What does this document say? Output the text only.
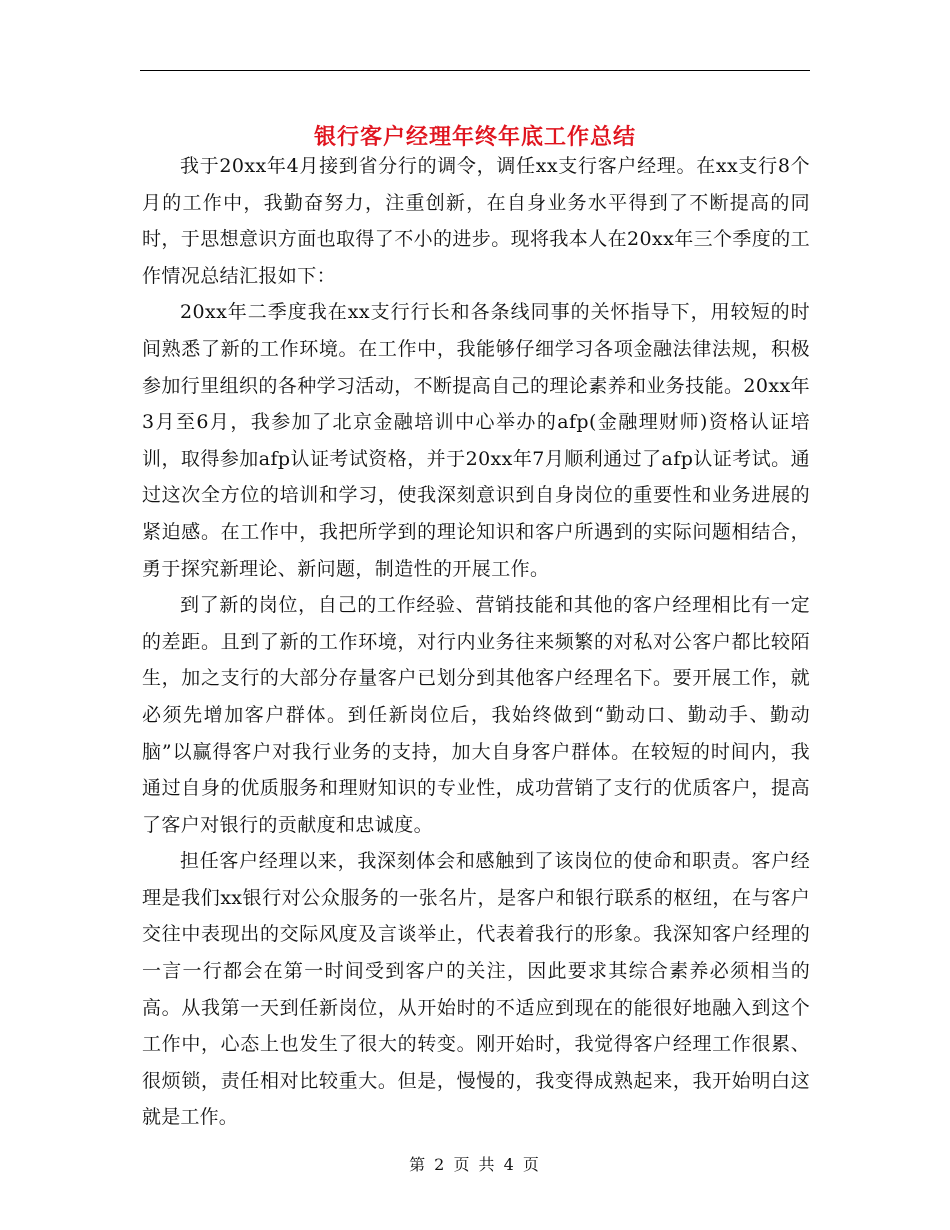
银行客户经理年终年底工作总结

我于20xx年4月接到省分行的调令，调任xx支行客户经理。在xx支行8个月的工作中，我勤奋努力，注重创新，在自身业务水平得到了不断提高的同时，于思想意识方面也取得了不小的进步。现将我本人在20xx年三个季度的工作情况总结汇报如下：

20xx年二季度我在xx支行行长和各条线同事的关怀指导下，用较短的时间熟悉了新的工作环境。在工作中，我能够仔细学习各项金融法律法规，积极参加行里组织的各种学习活动，不断提高自己的理论素养和业务技能。20xx年3月至6月，我参加了北京金融培训中心举办的afp(金融理财师)资格认证培训，取得参加afp认证考试资格，并于20xx年7月顺利通过了afp认证考试。通过这次全方位的培训和学习，使我深刻意识到自身岗位的重要性和业务进展的紧迫感。在工作中，我把所学到的理论知识和客户所遇到的实际问题相结合，勇于探究新理论、新问题，制造性的开展工作。

到了新的岗位，自己的工作经验、营销技能和其他的客户经理相比有一定的差距。且到了新的工作环境，对行内业务往来频繁的对私对公客户都比较陌生，加之支行的大部分存量客户已划分到其他客户经理名下。要开展工作，就必须先增加客户群体。到任新岗位后，我始终做到“勤动口、勤动手、勤动脑”以赢得客户对我行业务的支持，加大自身客户群体。在较短的时间内，我通过自身的优质服务和理财知识的专业性，成功营销了支行的优质客户，提高了客户对银行的贡献度和忠诚度。

担任客户经理以来，我深刻体会和感触到了该岗位的使命和职责。客户经理是我们xx银行对公众服务的一张名片，是客户和银行联系的枢纽，在与客户交往中表现出的交际风度及言谈举止，代表着我行的形象。我深知客户经理的一言一行都会在第一时间受到客户的关注，因此要求其综合素养必须相当的高。从我第一天到任新岗位，从开始时的不适应到现在的能很好地融入到这个工作中，心态上也发生了很大的转变。刚开始时，我觉得客户经理工作很累、很烦锁，责任相对比较重大。但是，慢慢的，我变得成熟起来，我开始明白这就是工作。

第 2 页 共 4 页
